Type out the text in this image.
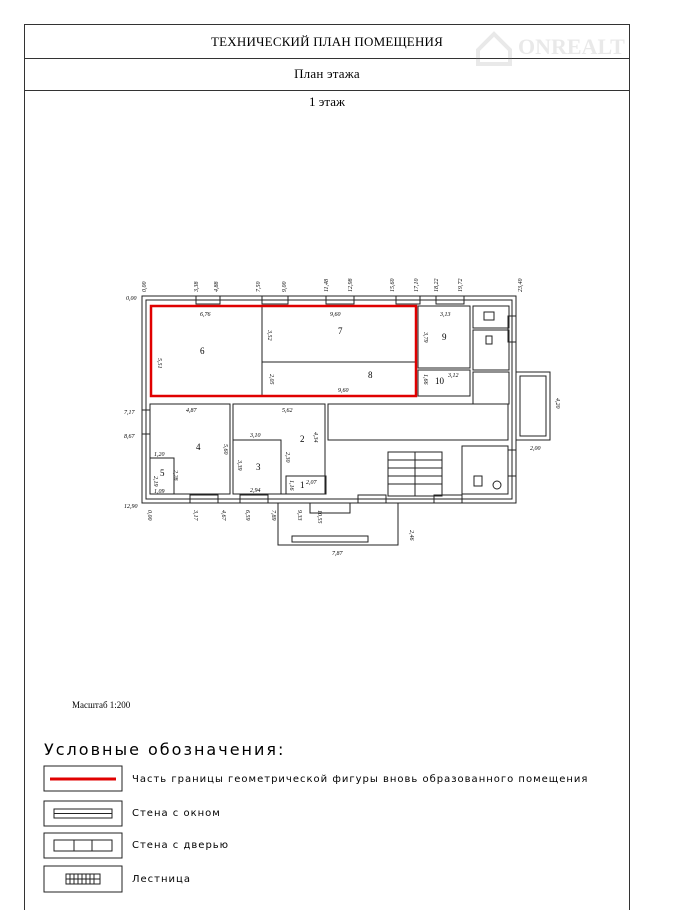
ТЕХНИЧЕСКИЙ ПЛАН ПОМЕЩЕНИЯ
План этажа
ONREALT
1 этаж
0,00	3,38 4,88	7,50	9,00	11,48	12,98	15,60	17,10 18,22	19,72	23,40
0,00	3,17	4,67	6,59	7,89	9,33 10,55
0,00
7,17
8,67
12,90
6,76	9,60	3,13
5,51
3,52	3,79
2,05
9,60
1,66	3,12
4,87	5,62
4,34
3,10
5,60
3,39
2,30
1,20
2,19
2,28
1,09	2,94
1,16 2,07
4,20
2,00
2,46
7,87
1
2
3
4
5
6
7
8
9
10
Масштаб 1:200
Условные обозначения:
Часть границы геометрической фигуры вновь образованного помещения
Стена с окном
Стена с дверью
Лестница
